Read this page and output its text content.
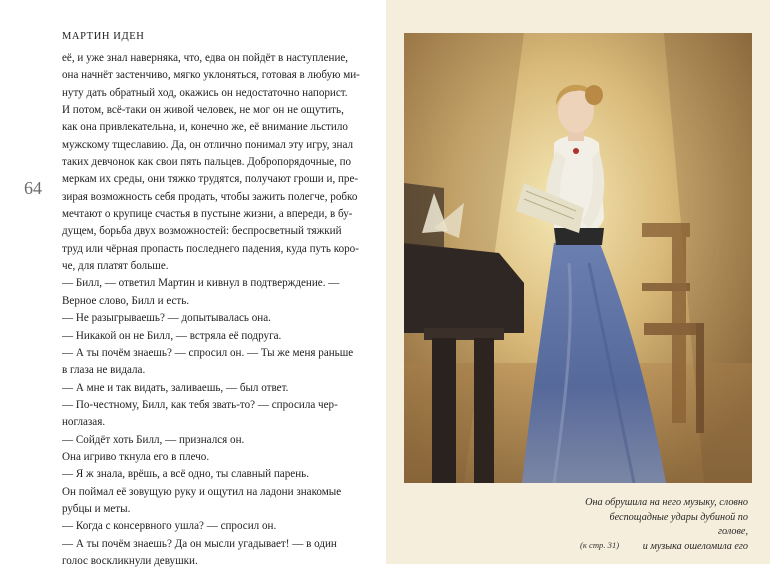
МАРТИН ИДЕН
64
её, и уже знал наверняка, что, едва он пойдёт в наступление,
она начнёт застенчиво, мягко уклоняться, готовая в любую ми-
нуту дать обратный ход, окажись он недостаточно напорист.
И потом, всё-таки он живой человек, не мог он не ощутить,
как она привлекательна, и, конечно же, её внимание льстило
мужскому тщеславию. Да, он отлично понимал эту игру, знал
таких девчонок как свои пять пальцев. Добропорядочные, по
меркам их среды, они тяжко трудятся, получают гроши и, пре-
зирая возможность себя продать, чтобы зажить полегче, робко
мечтают о крупице счастья в пустыне жизни, а впереди, в бу-
дущем, борьба двух возможностей: беспросветный тяжкий
труд или чёрная пропасть последнего падения, куда путь коро-
че, для платят больше.
— Билл, — ответил Мартин и кивнул в подтверждение. —
Верное слово, Билл и есть.
— Не разыгрываешь? — допытывалась она.
— Никакой он не Билл, — встряла её подруга.
— А ты почём знаешь? — спросил он. — Ты же меня раньше
в глаза не видала.
— А мне и так видать, заливаешь, — был ответ.
— По-честному, Билл, как тебя звать-то? — спросила чер-
ноглазая.
— Сойдёт хоть Билл, — признался он.
Она игриво ткнула его в плечо.
— Я ж знала, врёшь, а всё одно, ты славный парень.
Он поймал её зовущую руку и ощутил на ладони знакомые
рубцы и меты.
— Когда с консервного ушла? — спросил он.
— А ты почём знаешь? Да он мысли угадывает! — в один
голос воскликнули девушки.
Она обрушила на него музыку, словно
беспощадные удары дубиной по голове,
и музыка ошеломила его
(к стр. 31)
